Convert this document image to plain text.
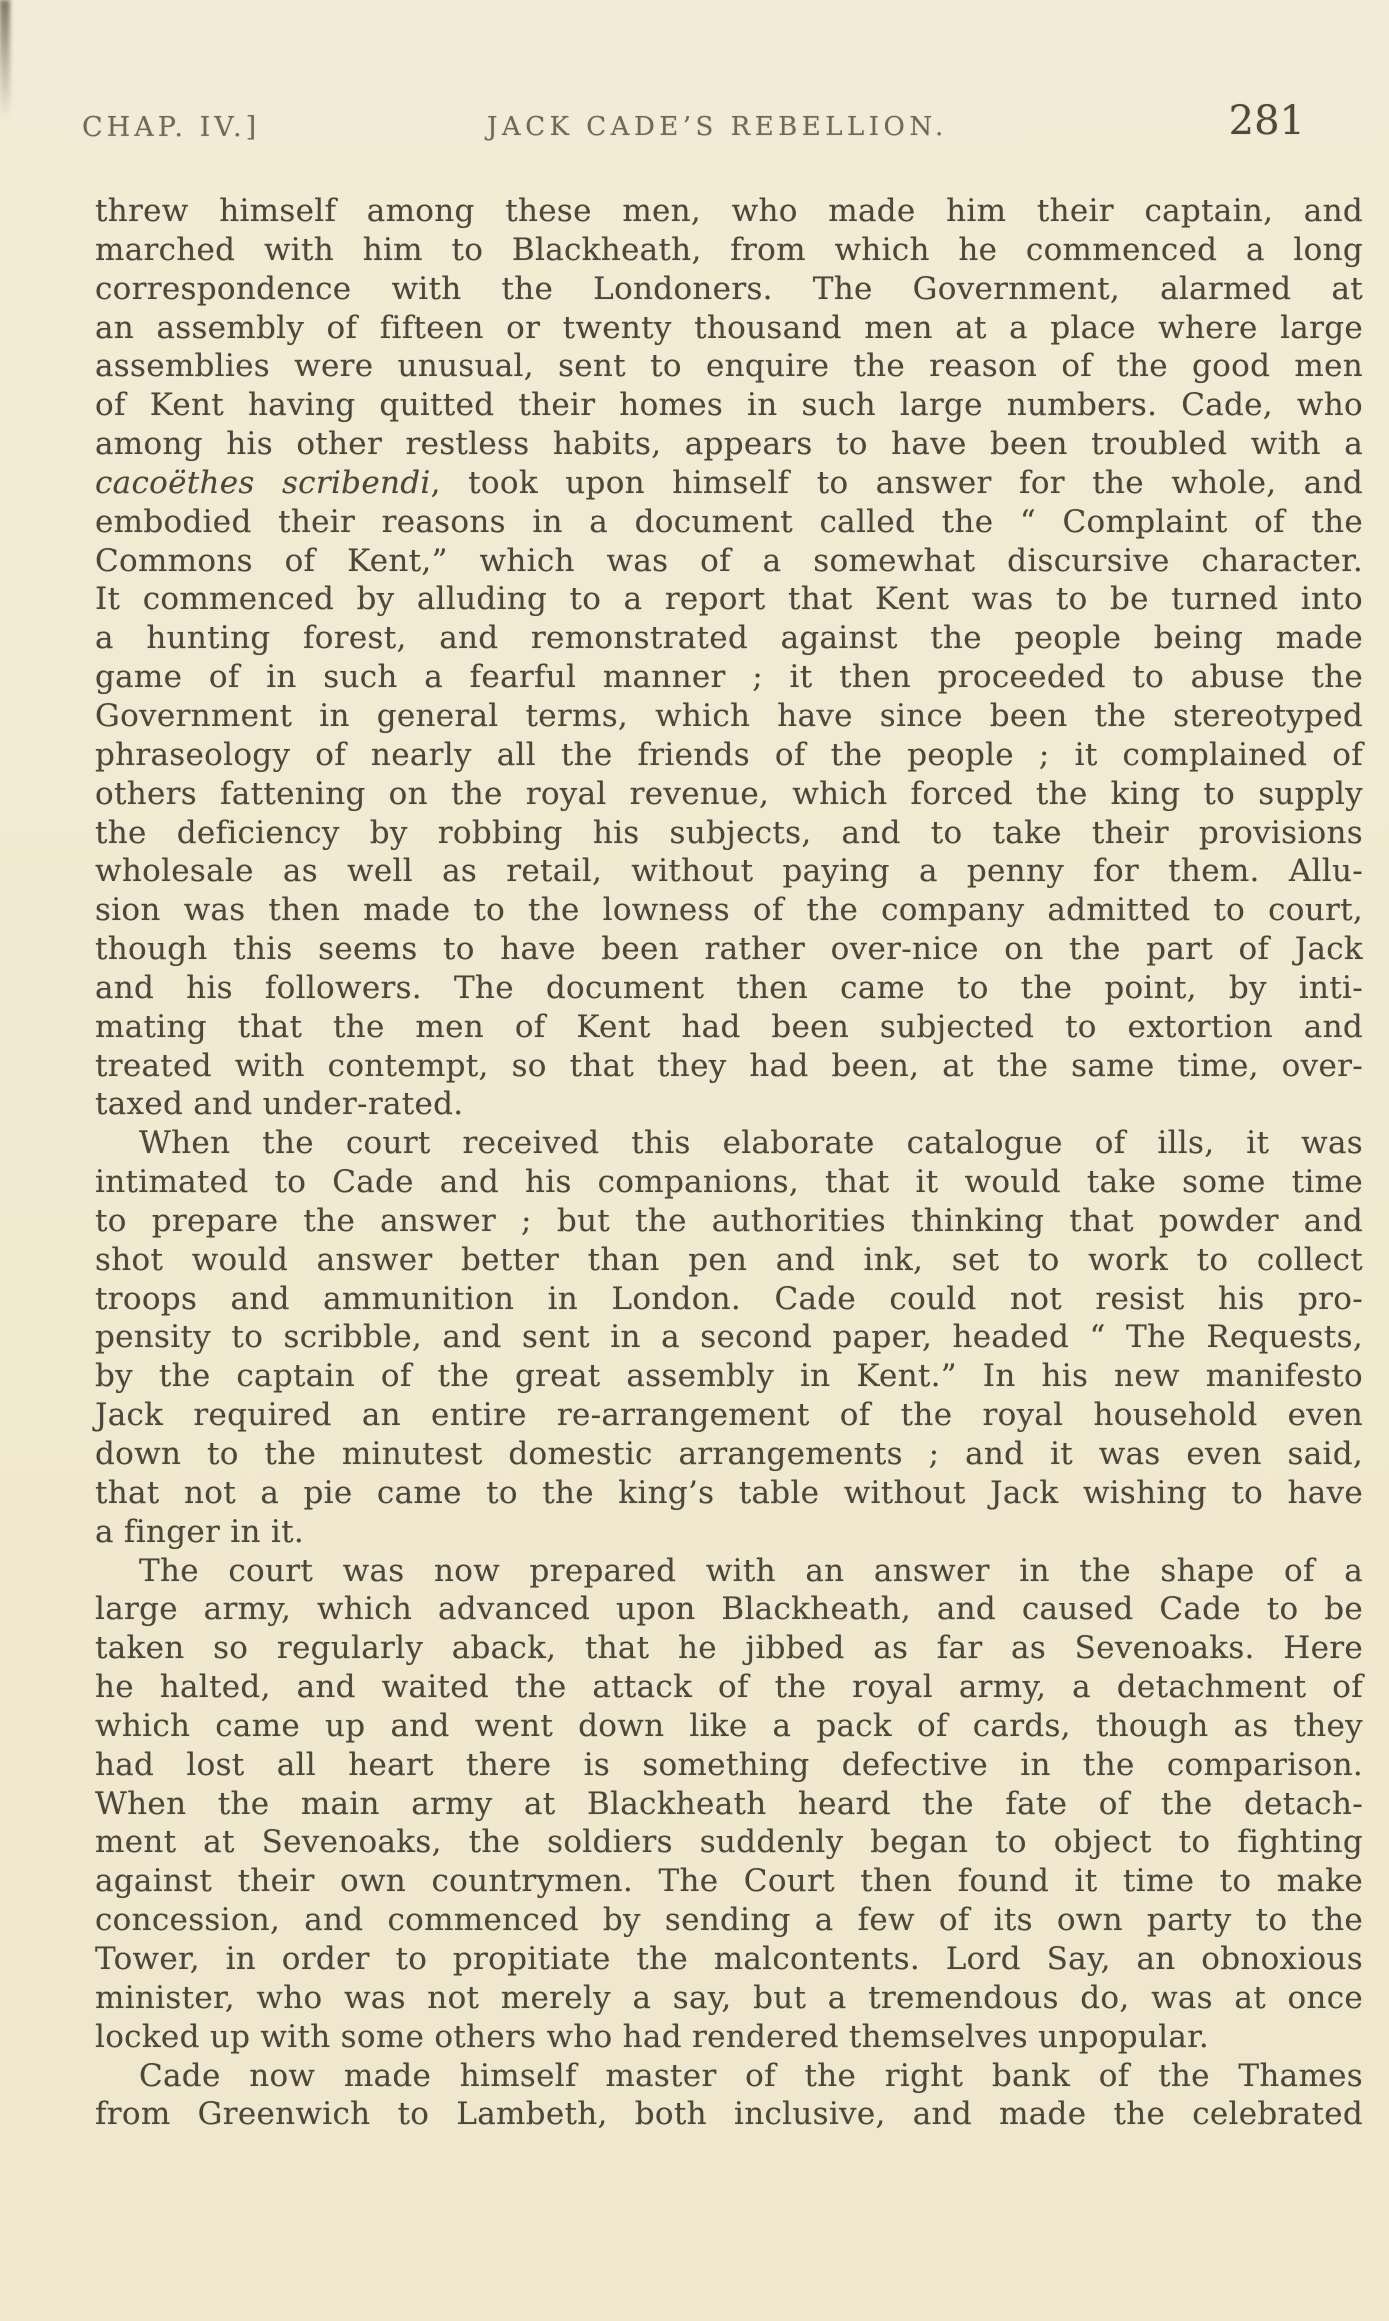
CHAP. IV.]	JACK CADE’S REBELLION.	281
threw himself among these men, who made him their captain, and
marched with him to Blackheath, from which he commenced a long
correspondence with the Londoners. The Government, alarmed at
an assembly of fifteen or twenty thousand men at a place where large
assemblies were unusual, sent to enquire the reason of the good men
of Kent having quitted their homes in such large numbers. Cade, who
among his other restless habits, appears to have been troubled with a
cacoëthes scribendi, took upon himself to answer for the whole, and
embodied their reasons in a document called the “ Complaint of the
Commons of Kent,” which was of a somewhat discursive character.
It commenced by alluding to a report that Kent was to be turned into
a hunting forest, and remonstrated against the people being made
game of in such a fearful manner ; it then proceeded to abuse the
Government in general terms, which have since been the stereotyped
phraseology of nearly all the friends of the people ; it complained of
others fattening on the royal revenue, which forced the king to supply
the deficiency by robbing his subjects, and to take their provisions
wholesale as well as retail, without paying a penny for them. Allu-
sion was then made to the lowness of the company admitted to court,
though this seems to have been rather over-nice on the part of Jack
and his followers. The document then came to the point, by inti-
mating that the men of Kent had been subjected to extortion and
treated with contempt, so that they had been, at the same time, over-
taxed and under-rated.
When the court received this elaborate catalogue of ills, it was
intimated to Cade and his companions, that it would take some time
to prepare the answer ; but the authorities thinking that powder and
shot would answer better than pen and ink, set to work to collect
troops and ammunition in London. Cade could not resist his pro-
pensity to scribble, and sent in a second paper, headed “ The Requests,
by the captain of the great assembly in Kent.” In his new manifesto
Jack required an entire re-arrangement of the royal household even
down to the minutest domestic arrangements ; and it was even said,
that not a pie came to the king’s table without Jack wishing to have
a finger in it.
The court was now prepared with an answer in the shape of a
large army, which advanced upon Blackheath, and caused Cade to be
taken so regularly aback, that he jibbed as far as Sevenoaks. Here
he halted, and waited the attack of the royal army, a detachment of
which came up and went down like a pack of cards, though as they
had lost all heart there is something defective in the comparison.
When the main army at Blackheath heard the fate of the detach-
ment at Sevenoaks, the soldiers suddenly began to object to fighting
against their own countrymen. The Court then found it time to make
concession, and commenced by sending a few of its own party to the
Tower, in order to propitiate the malcontents. Lord Say, an obnoxious
minister, who was not merely a say, but a tremendous do, was at once
locked up with some others who had rendered themselves unpopular.
Cade now made himself master of the right bank of the Thames
from Greenwich to Lambeth, both inclusive, and made the celebrated
